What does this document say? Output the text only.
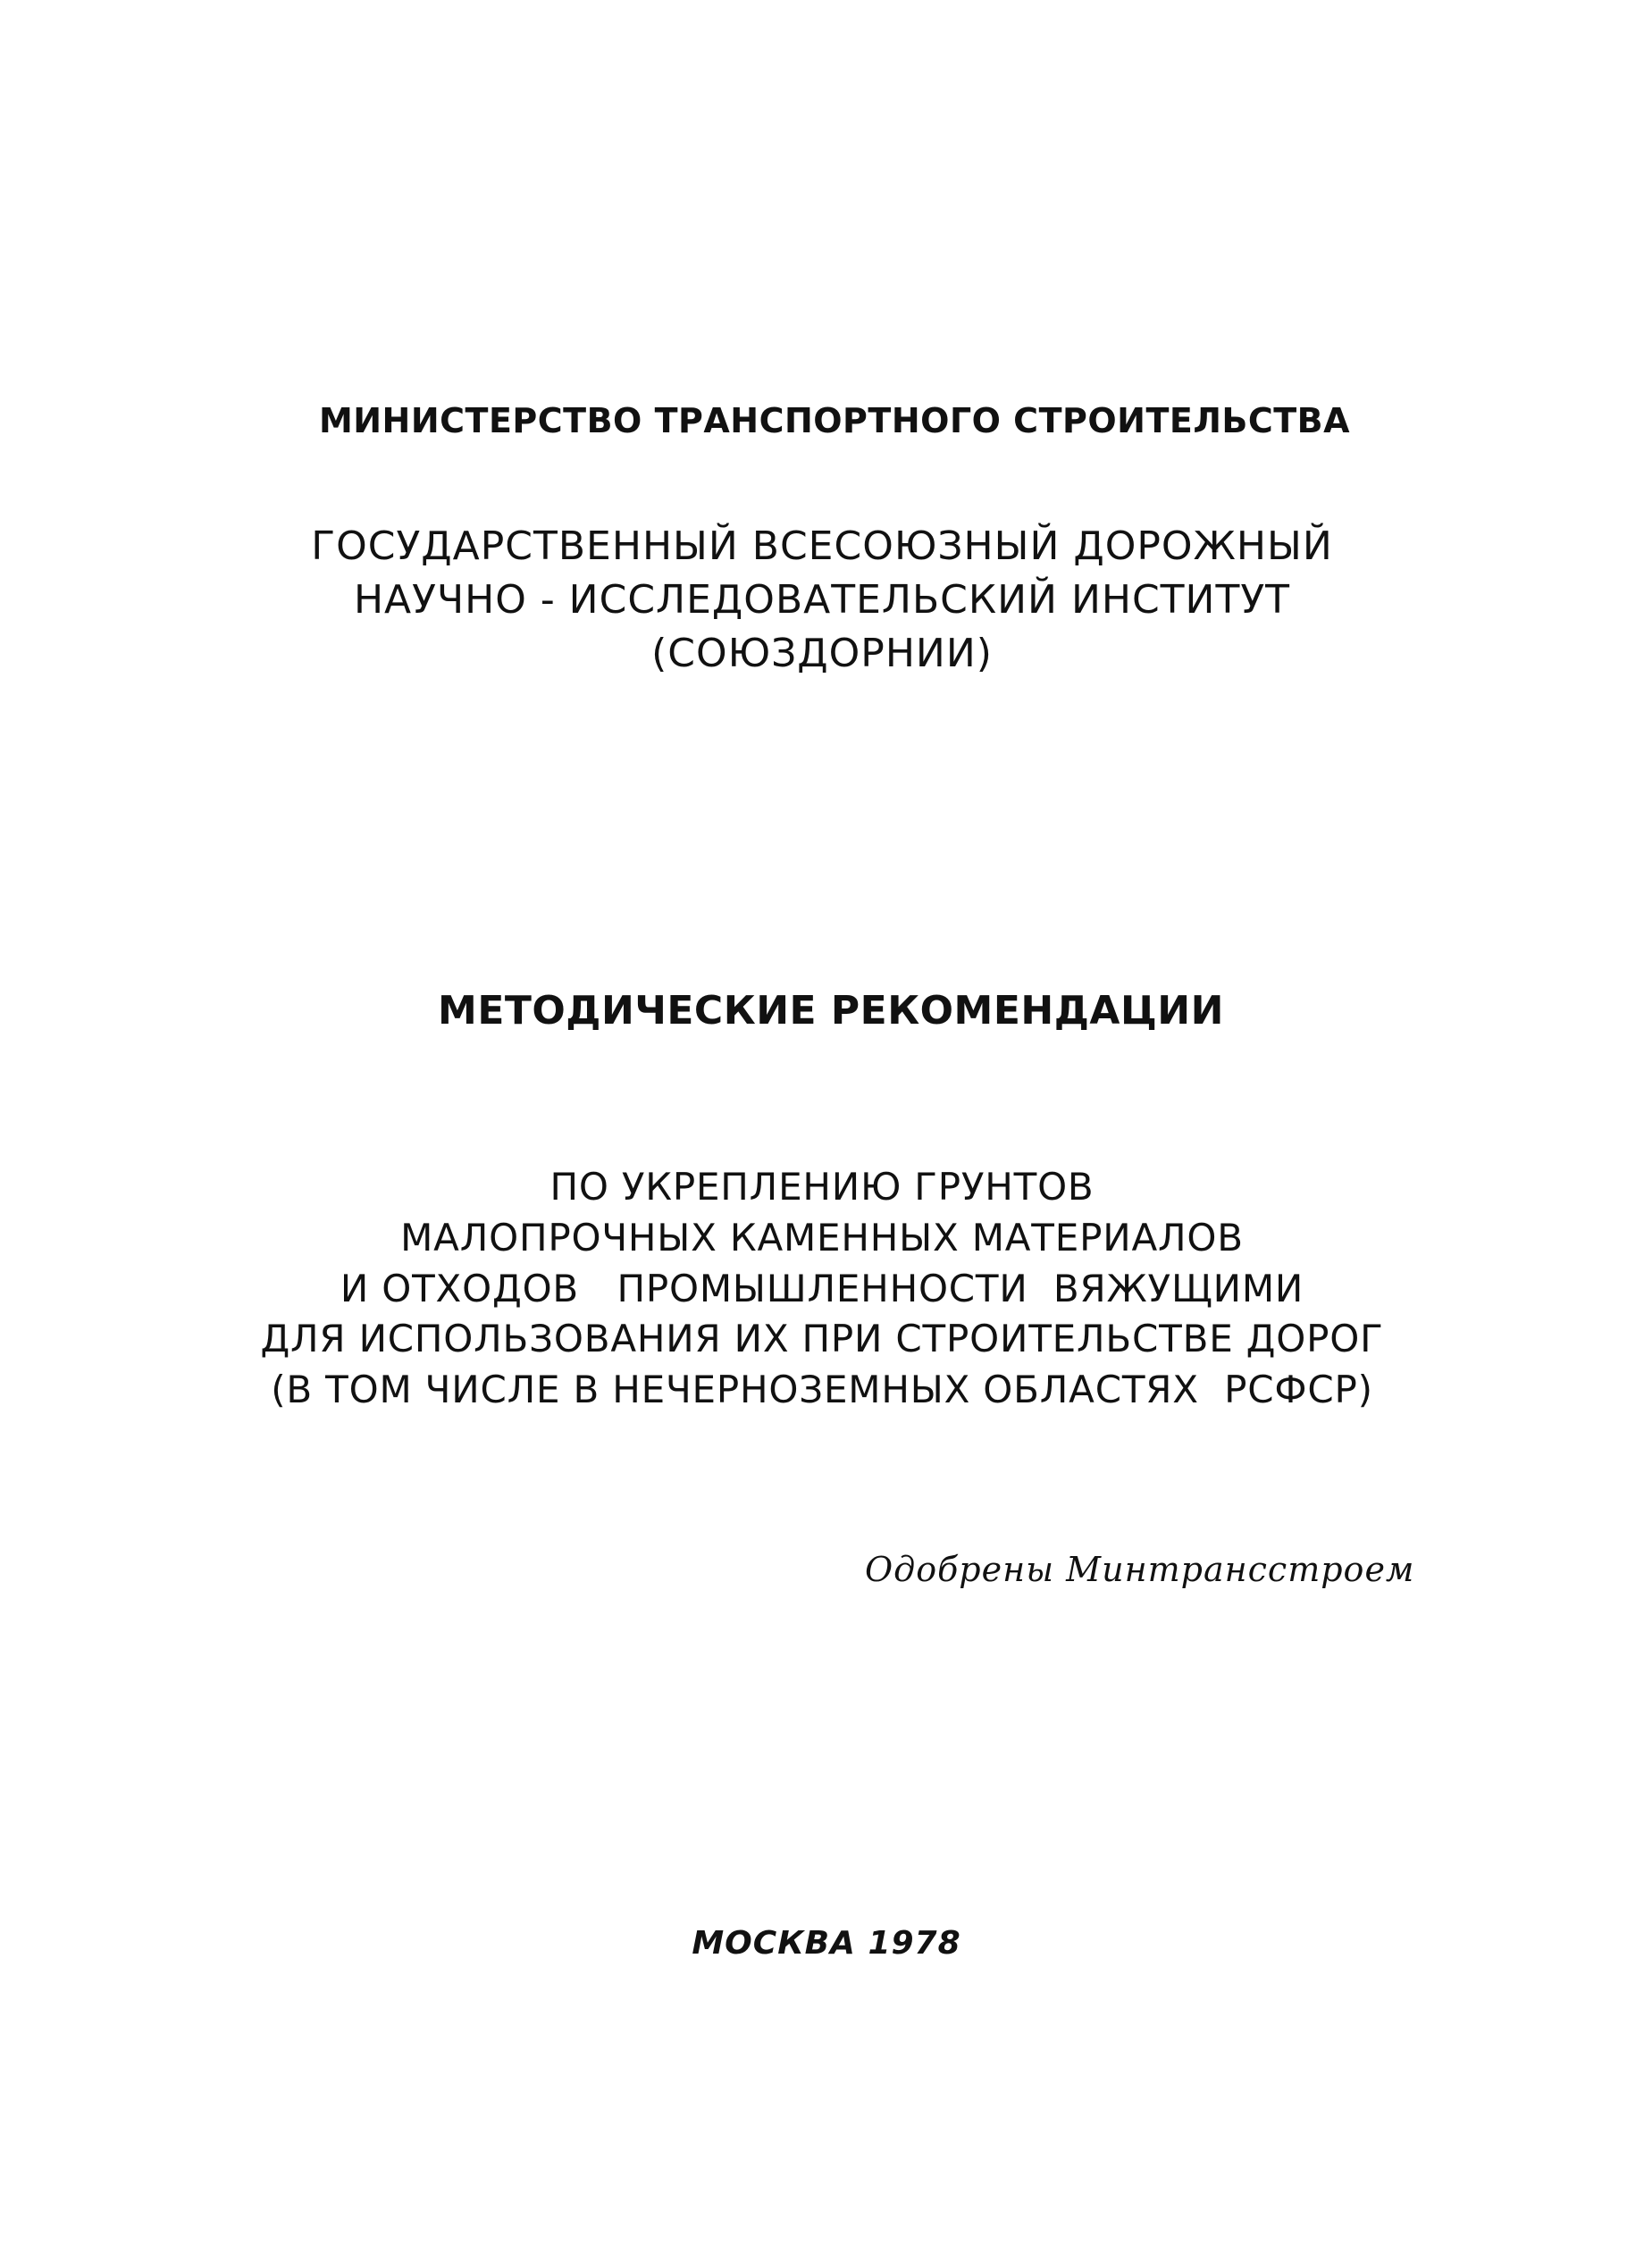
МИНИСТЕРСТВО ТРАНСПОРТНОГО СТРОИТЕЛЬСТВА
ГОСУДАРСТВЕННЫЙ ВСЕСОЮЗНЫЙ ДОРОЖНЫЙ
НАУЧНО - ИССЛЕДОВАТЕЛЬСКИЙ ИНСТИТУТ
(СОЮЗДОРНИИ)
МЕТОДИЧЕСКИЕ РЕКОМЕНДАЦИИ
ПО УКРЕПЛЕНИЮ ГРУНТОВ
МАЛОПРОЧНЫХ КАМЕННЫХ МАТЕРИАЛОВ
И ОТХОДОВ   ПРОМЫШЛЕННОСТИ  ВЯЖУЩИМИ
ДЛЯ ИСПОЛЬЗОВАНИЯ ИХ ПРИ СТРОИТЕЛЬСТВЕ ДОРОГ
(В ТОМ ЧИСЛЕ В НЕЧЕРНОЗЕМНЫХ ОБЛАСТЯХ  РСФСР)
Одобрены Минтрансстроем
МОСКВА 1978
